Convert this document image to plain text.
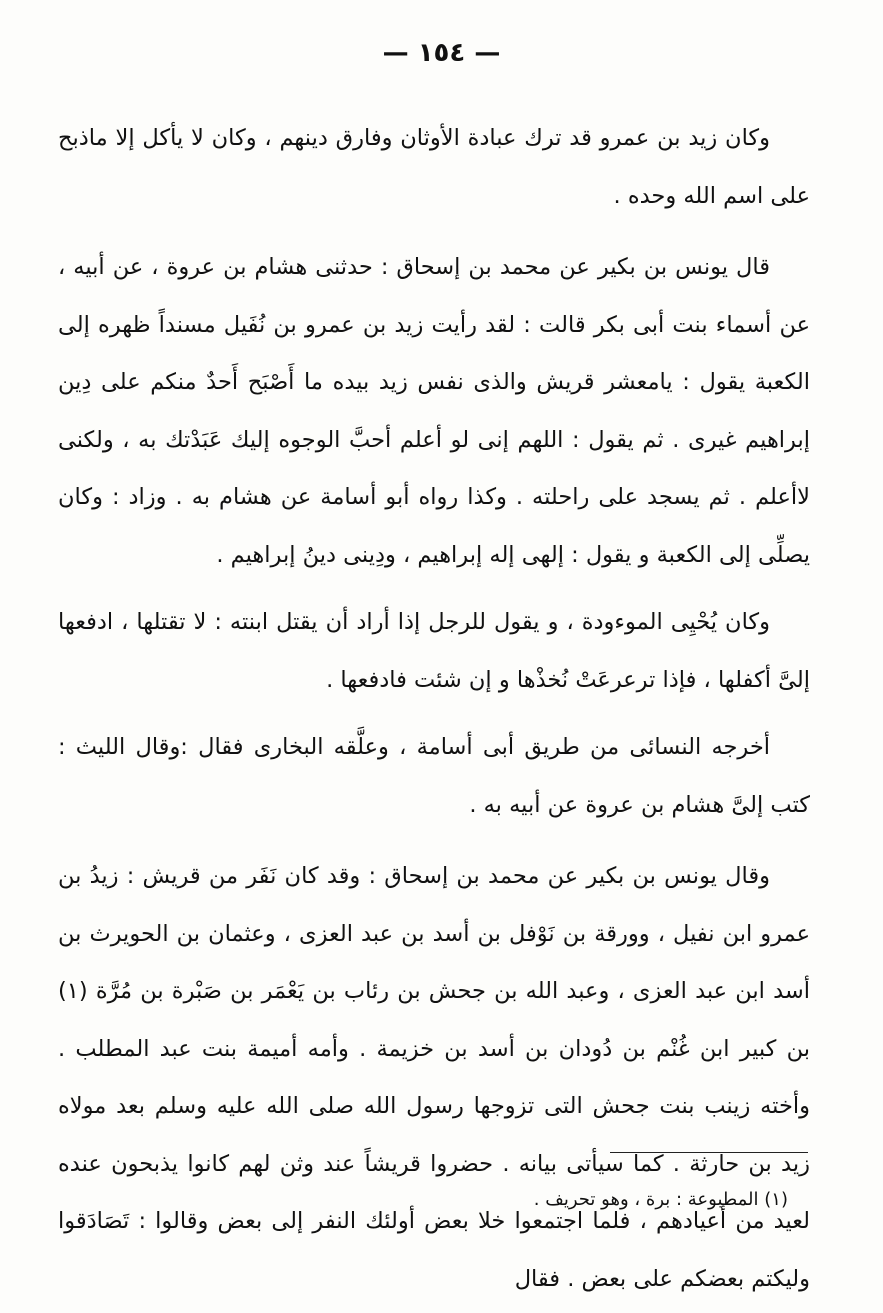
— ١٥٤ —

وكان زيد بن عمرو قد ترك عبادة الأوثان وفارق دينهم ، وكان لا يأكل إلا ماذبح على اسم الله وحده .

قال يونس بن بكير عن محمد بن إسحاق : حدثنى هشام بن عروة ، عن أبيه ، عن أسماء بنت أبى بكر قالت : لقد رأيت زيد بن عمرو بن نُفَيل مسنداً ظهره إلى الكعبة يقول : يامعشر قريش والذى نفس زيد بيده ما أَصْبَح أَحدٌ منكم على دِين إبراهيم غيرى . ثم يقول : اللهم إنى لو أعلم أحبَّ الوجوه إليك عَبَدْتك به ، ولكنى لاأعلم . ثم يسجد على راحلته . وكذا رواه أبو أسامة عن هشام به . وزاد : وكان يصلِّى إلى الكعبة و يقول : إلهى إله إبراهيم ، ودِينى دينُ إبراهيم .

وكان يُحْيِى الموءودة ، و يقول للرجل إذا أراد أن يقتل ابنته : لا تقتلها ، ادفعها إلىَّ أكفلها ، فإذا ترعرعَتْ نُخذْها و إن شئت فادفعها .

أخرجه النسائى من طريق أبى أسامة ، وعلَّقه البخارى فقال :وقال الليث : كتب إلىَّ هشام بن عروة عن أبيه به .

وقال يونس بن بكير عن محمد بن إسحاق : وقد كان نَفَر من قريش : زيدُ بن عمرو ابن نفيل ، وورقة بن نَوْفل بن أسد بن عبد العزى ، وعثمان بن الحويرث بن أسد ابن عبد العزى ، وعبد الله بن جحش بن رئاب بن يَعْمَر بن صَبْرة بن مُرَّة (١) بن كبير ابن غُنْم بن دُودان بن أسد بن خزيمة . وأمه أميمة بنت عبد المطلب . وأخته زينب بنت جحش التى تزوجها رسول الله صلى الله عليه وسلم بعد مولاه زيد بن حارثة . كما سيأتى بيانه . حضروا قريشاً عند وثن لهم كانوا يذبحون عنده لعيد من أعيادهم ، فلما اجتمعوا خلا بعض أولئك النفر إلى بعض وقالوا : تَصَادَقوا وليكتم بعضكم على بعض . فقال

(١) المطبوعة : برة ، وهو تحريف .
